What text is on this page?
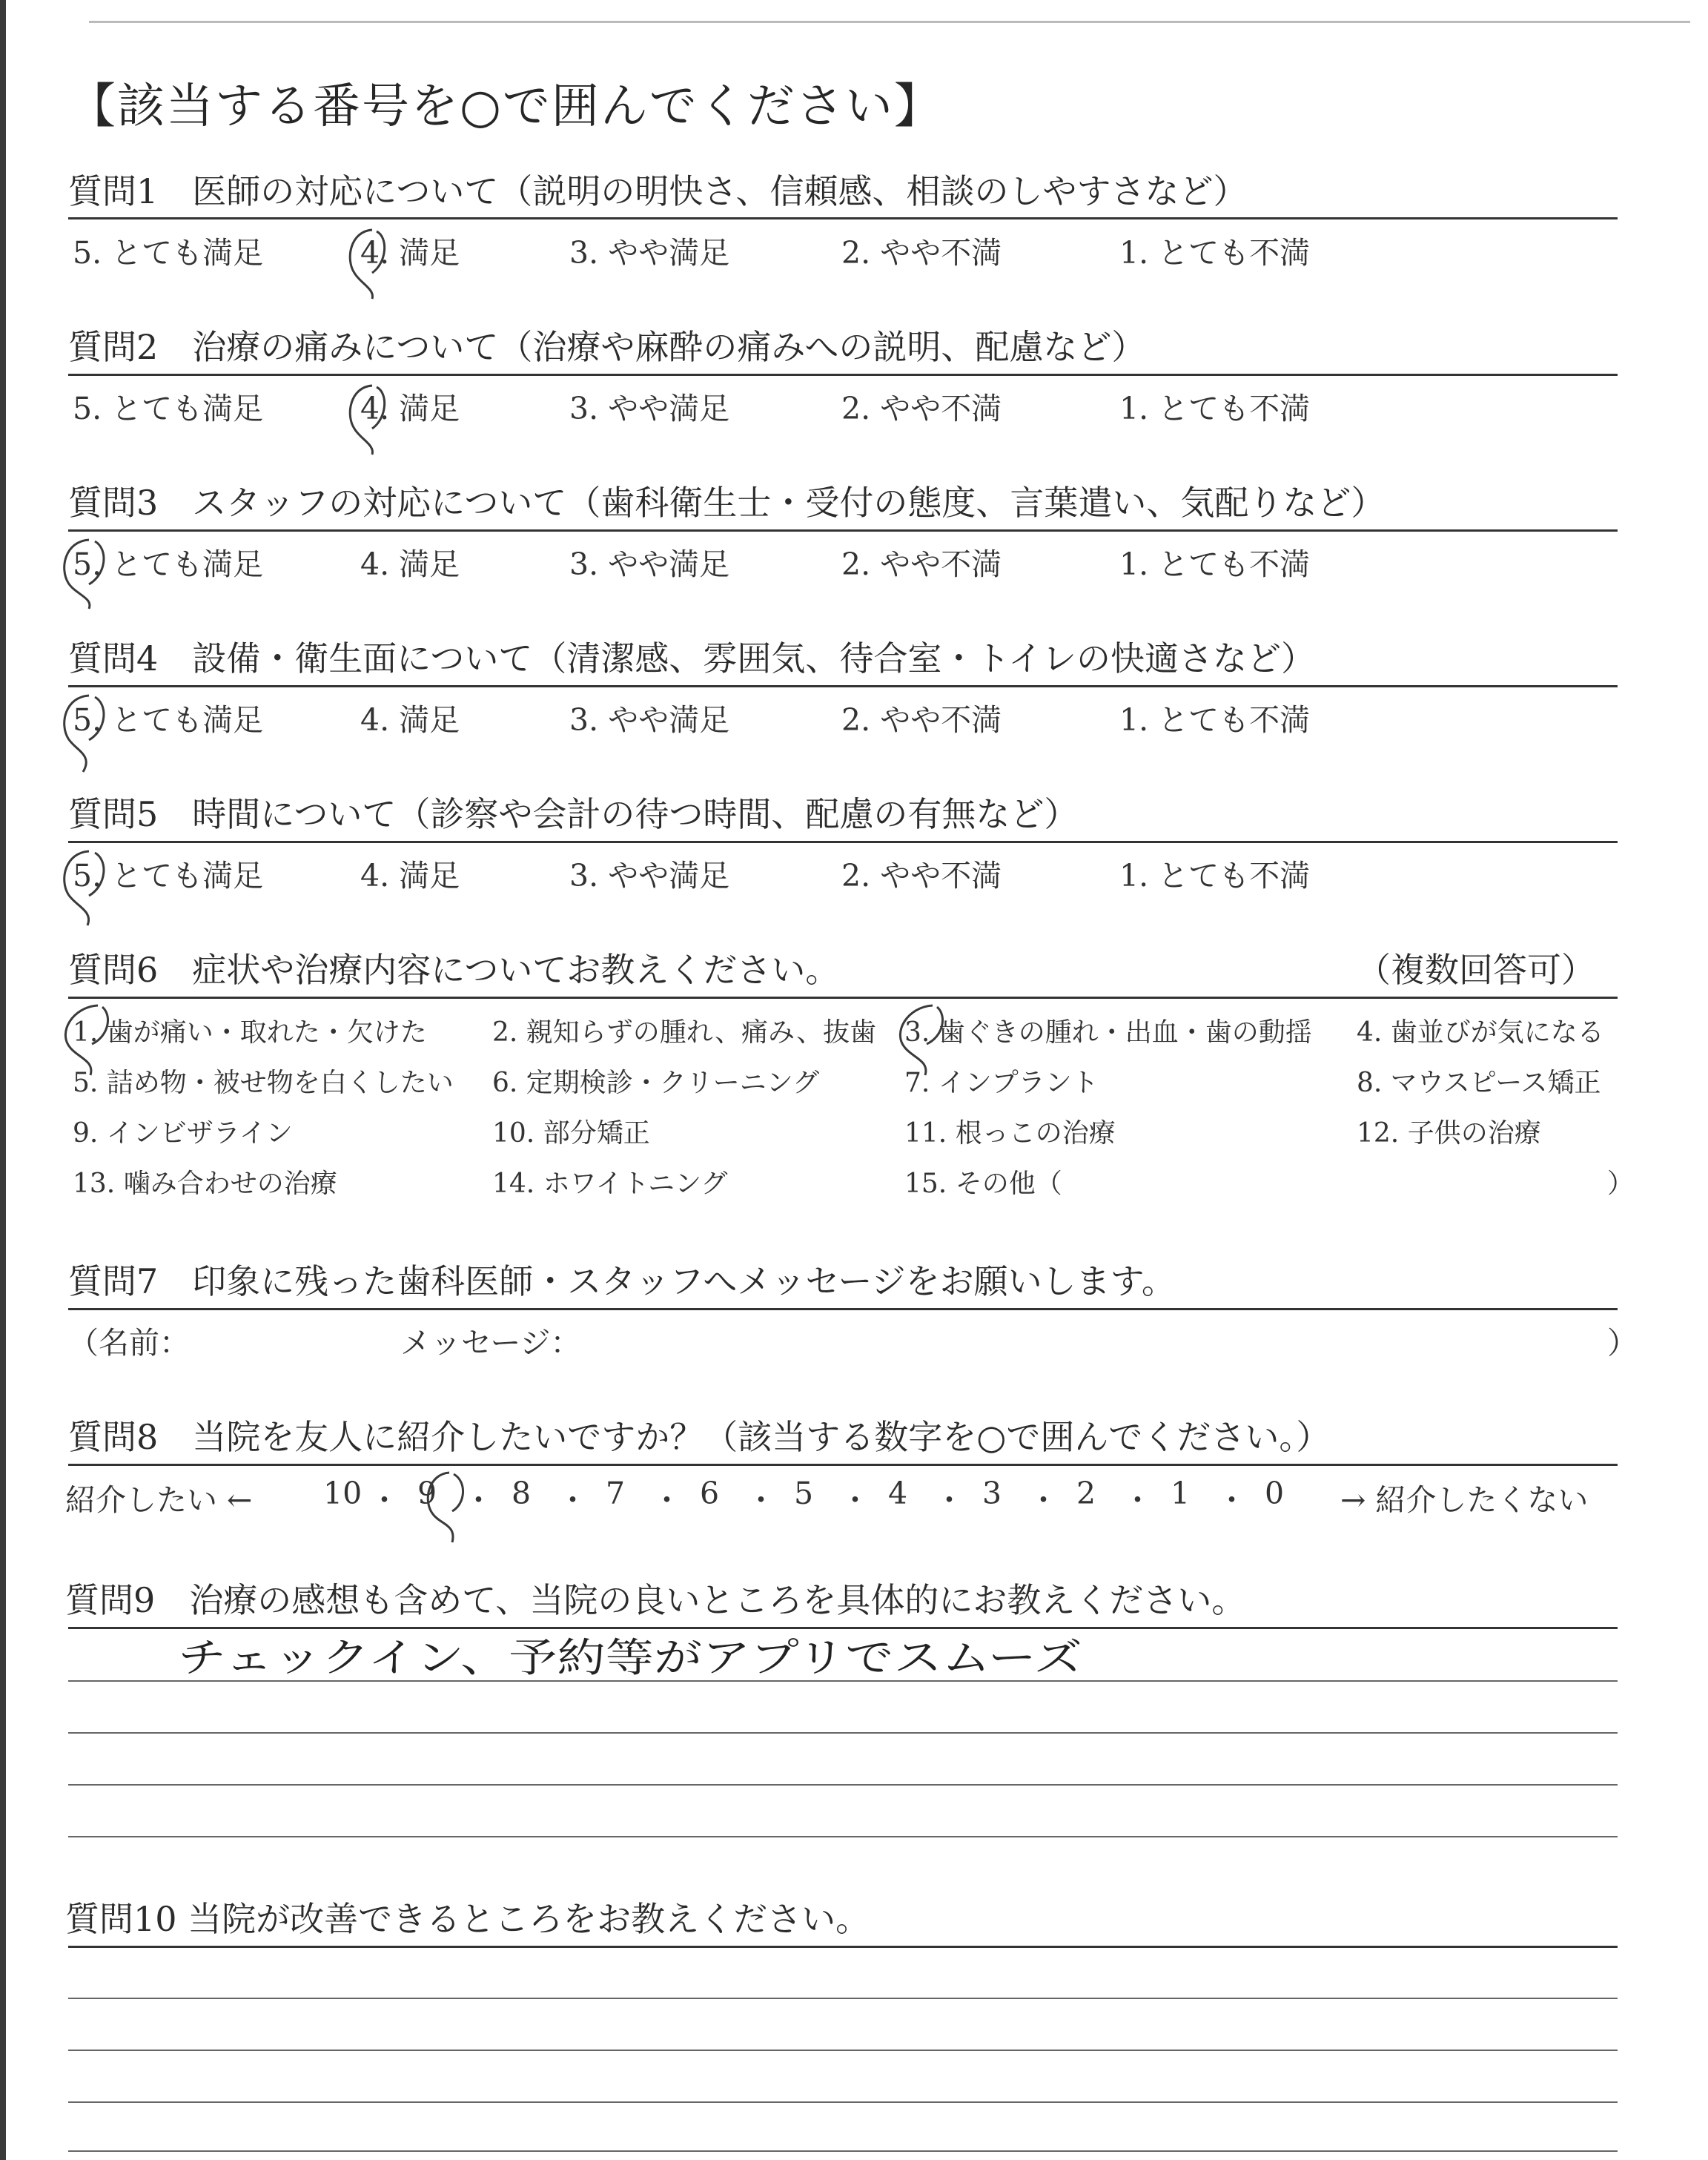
【該当する番号を○で囲んでください】
質問1　医師の対応について（説明の明快さ、信頼感、相談のしやすさなど）
5. とても満足	4. 満足	3. やや満足	2. やや不満	1. とても不満
質問2　治療の痛みについて（治療や麻酔の痛みへの説明、配慮など）
5. とても満足	4. 満足	3. やや満足	2. やや不満	1. とても不満
質問3　スタッフの対応について（歯科衛生士・受付の態度、言葉遣い、気配りなど）
5. とても満足	4. 満足	3. やや満足	2. やや不満	1. とても不満
質問4　設備・衛生面について（清潔感、雰囲気、待合室・トイレの快適さなど）
5. とても満足	4. 満足	3. やや満足	2. やや不満	1. とても不満
質問5　時間について（診察や会計の待つ時間、配慮の有無など）
5. とても満足	4. 満足	3. やや満足	2. やや不満	1. とても不満
質問6　症状や治療内容についてお教えください。	（複数回答可）
1. 歯が痛い・取れた・欠けた 2. 親知らずの腫れ、痛み、抜歯 3. 歯ぐきの腫れ・出血・歯の動揺 4. 歯並びが気になる
5. 詰め物・被せ物を白くしたい 6. 定期検診・クリーニング	7. インプラント	8. マウスピース矯正
9. インビザライン	10. 部分矯正	11. 根っこの治療	12. 子供の治療
13. 噛み合わせの治療	14. ホワイトニング	15. その他（	）
質問7　印象に残った歯科医師・スタッフへメッセージをお願いします。
（名前：	メッセージ：	）
質問8　当院を友人に紹介したいですか？（該当する数字を○で囲んでください。）
紹介したい ←	→ 紹介したくない
10 ・ 9 ・ 8 ・ 7 ・ 6 ・ 5 ・ 4 ・ 3 ・ 2 ・ 1 ・ 0
質問9　治療の感想も含めて、当院の良いところを具体的にお教えください。
チェックイン、予約等がアプリでスムーズ
質問10 当院が改善できるところをお教えください。
